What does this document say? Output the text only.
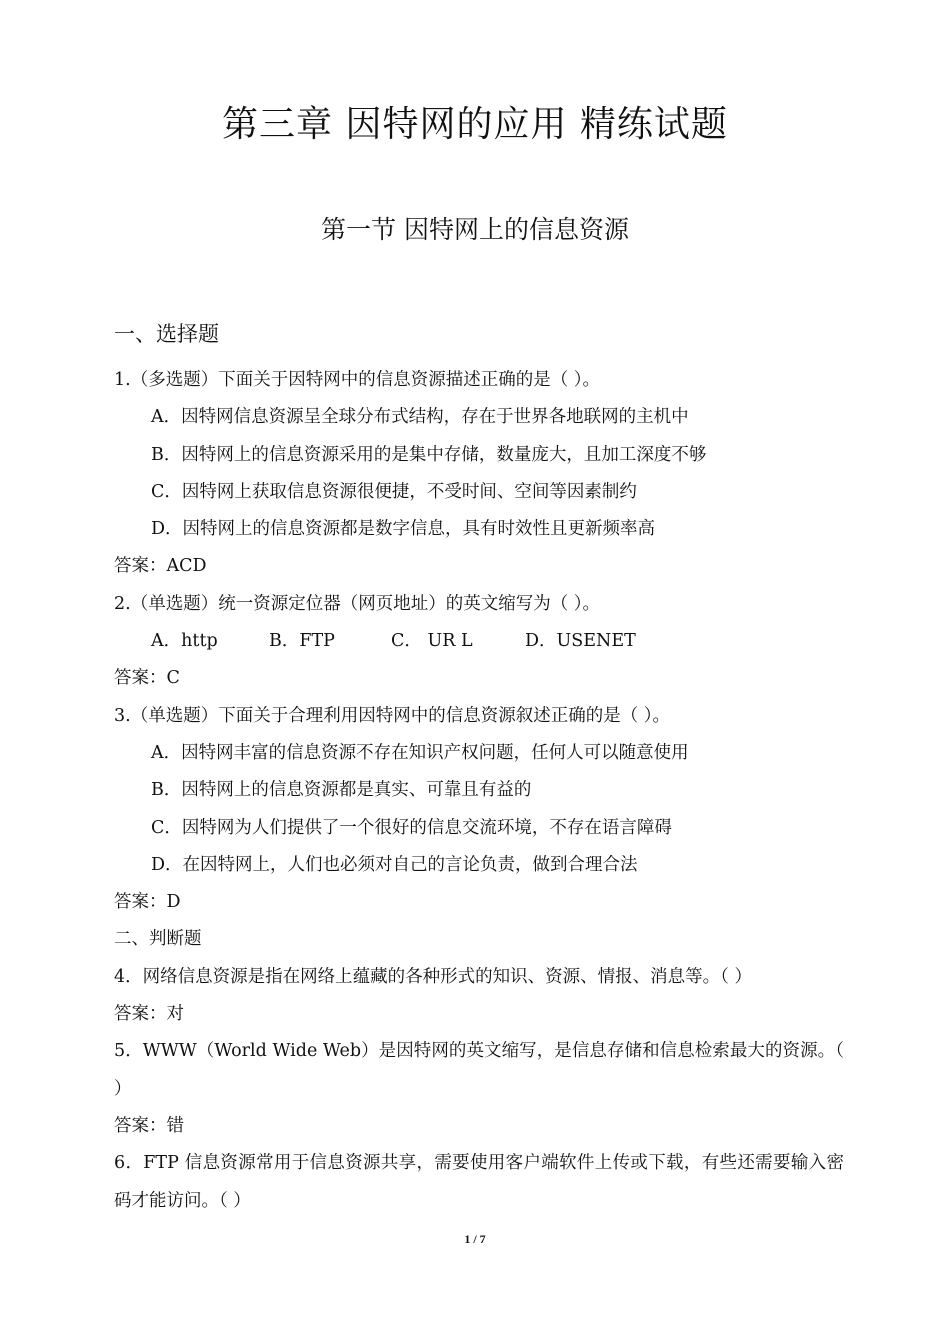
第三章 因特网的应用 精练试题
第一节 因特网上的信息资源
一、选择题
1.（多选题）下面关于因特网中的信息资源描述正确的是（ ）。
A．因特网信息资源呈全球分布式结构，存在于世界各地联网的主机中
B．因特网上的信息资源采用的是集中存储，数量庞大，且加工深度不够
C．因特网上获取信息资源很便捷，不受时间、空间等因素制约
D．因特网上的信息资源都是数字信息，具有时效性且更新频率高
答案：ACD
2.（单选题）统一资源定位器（网页地址）的英文缩写为（ ）。
A．http	B．FTP	C． UR L	D．USENET
答案：C
3.（单选题）下面关于合理利用因特网中的信息资源叙述正确的是（ ）。
A．因特网丰富的信息资源不存在知识产权问题，任何人可以随意使用
B．因特网上的信息资源都是真实、可靠且有益的
C．因特网为人们提供了一个很好的信息交流环境，不存在语言障碍
D．在因特网上，人们也必须对自己的言论负责，做到合理合法
答案：D
二、判断题
4．网络信息资源是指在网络上蕴藏的各种形式的知识、资源、情报、消息等。（ ）
答案：对
5．WWW（World Wide Web）是因特网的英文缩写，是信息存储和信息检索最大的资源。（ ）
答案：错
6．FTP 信息资源常用于信息资源共享，需要使用客户端软件上传或下载，有些还需要输入密码才能访问。（ ）
1 / 7
